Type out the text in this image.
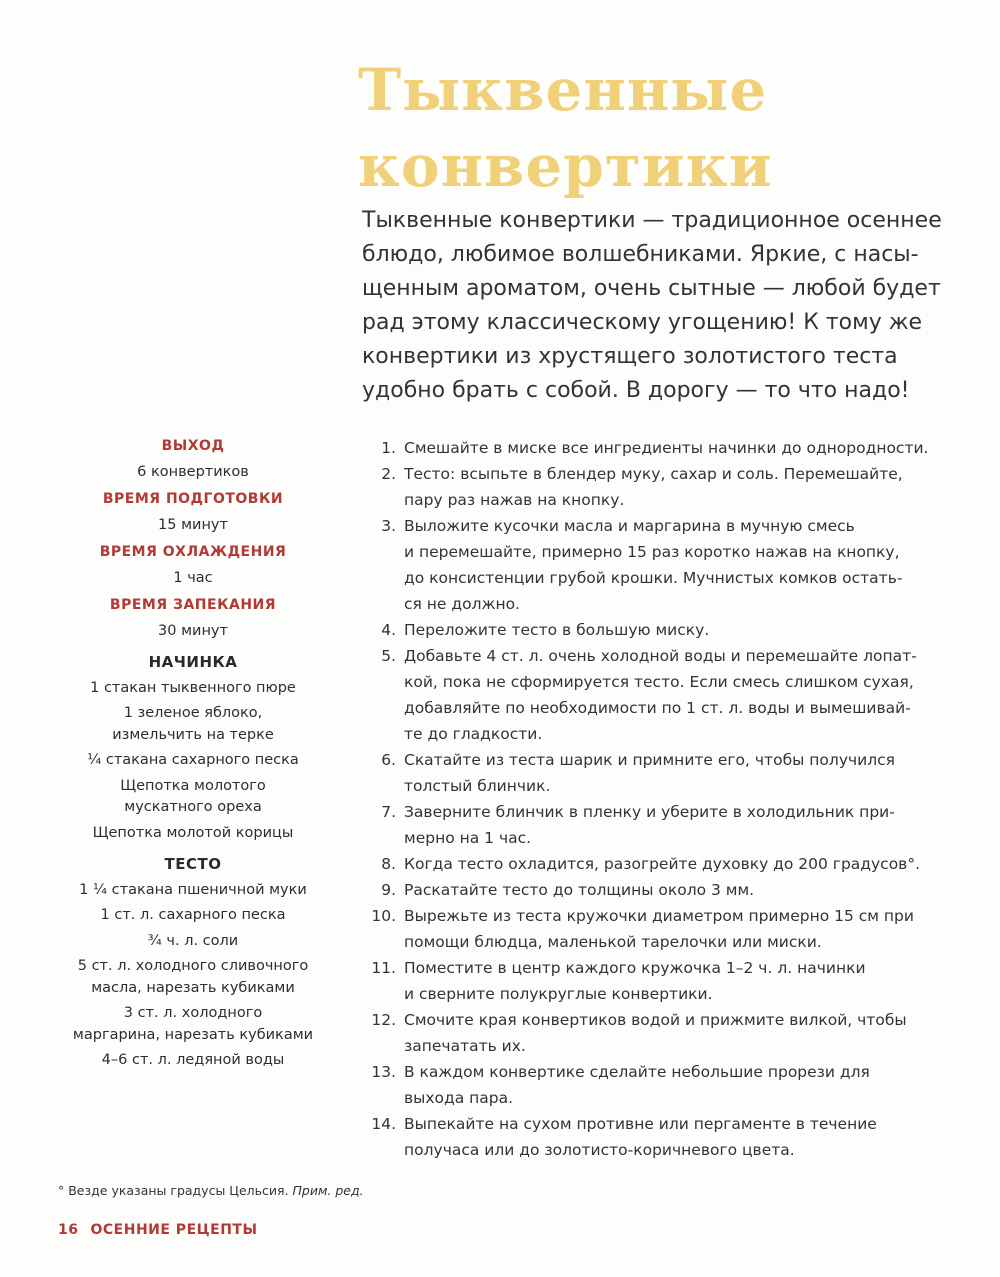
Тыквенные
конвертики

Тыквенные конвертики — традиционное осеннее
блюдо, любимое волшебниками. Яркие, с насы-
щенным ароматом, очень сытные — любой будет
рад этому классическому угощению! К тому же
конвертики из хрустящего золотистого теста
удобно брать с собой. В дорогу — то что надо!

ВЫХОД
6 конвертиков
ВРЕМЯ ПОДГОТОВКИ
15 минут
ВРЕМЯ ОХЛАЖДЕНИЯ
1 час
ВРЕМЯ ЗАПЕКАНИЯ
30 минут
НАЧИНКА
1 стакан тыквенного пюре
1 зеленое яблоко,
измельчить на терке
¼ стакана сахарного песка
Щепотка молотого
мускатного ореха
Щепотка молотой корицы
ТЕСТО
1 ¼ стакана пшеничной муки
1 ст. л. сахарного песка
¾ ч. л. соли
5 ст. л. холодного сливочного
масла, нарезать кубиками
3 ст. л. холодного
маргарина, нарезать кубиками
4–6 ст. л. ледяной воды
1. Смешайте в миске все ингредиенты начинки до однородности.
2. Тесто: всыпьте в блендер муку, сахар и соль. Перемешайте,
пару раз нажав на кнопку.
3. Выложите кусочки масла и маргарина в мучную смесь
и перемешайте, примерно 15 раз коротко нажав на кнопку,
до консистенции грубой крошки. Мучнистых комков остать-
ся не должно.
4. Переложите тесто в большую миску.
5. Добавьте 4 ст. л. очень холодной воды и перемешайте лопат-
кой, пока не сформируется тесто. Если смесь слишком сухая,
добавляйте по необходимости по 1 ст. л. воды и вымешивай-
те до гладкости.
6. Скатайте из теста шарик и примните его, чтобы получился
толстый блинчик.
7. Заверните блинчик в пленку и уберите в холодильник при-
мерно на 1 час.
8. Когда тесто охладится, разогрейте духовку до 200 градусов°.
9. Раскатайте тесто до толщины около 3 мм.
10. Вырежьте из теста кружочки диаметром примерно 15 см при
помощи блюдца, маленькой тарелочки или миски.
11. Поместите в центр каждого кружочка 1–2 ч. л. начинки
и сверните полукруглые конвертики.
12. Смочите края конвертиков водой и прижмите вилкой, чтобы
запечатать их.
13. В каждом конвертике сделайте небольшие прорези для
выхода пара.
14. Выпекайте на сухом противне или пергаменте в течение
получаса или до золотисто-коричневого цвета.
° Везде указаны градусы Цельсия. Прим. ред.
16 ОСЕННИЕ РЕЦЕПТЫ
